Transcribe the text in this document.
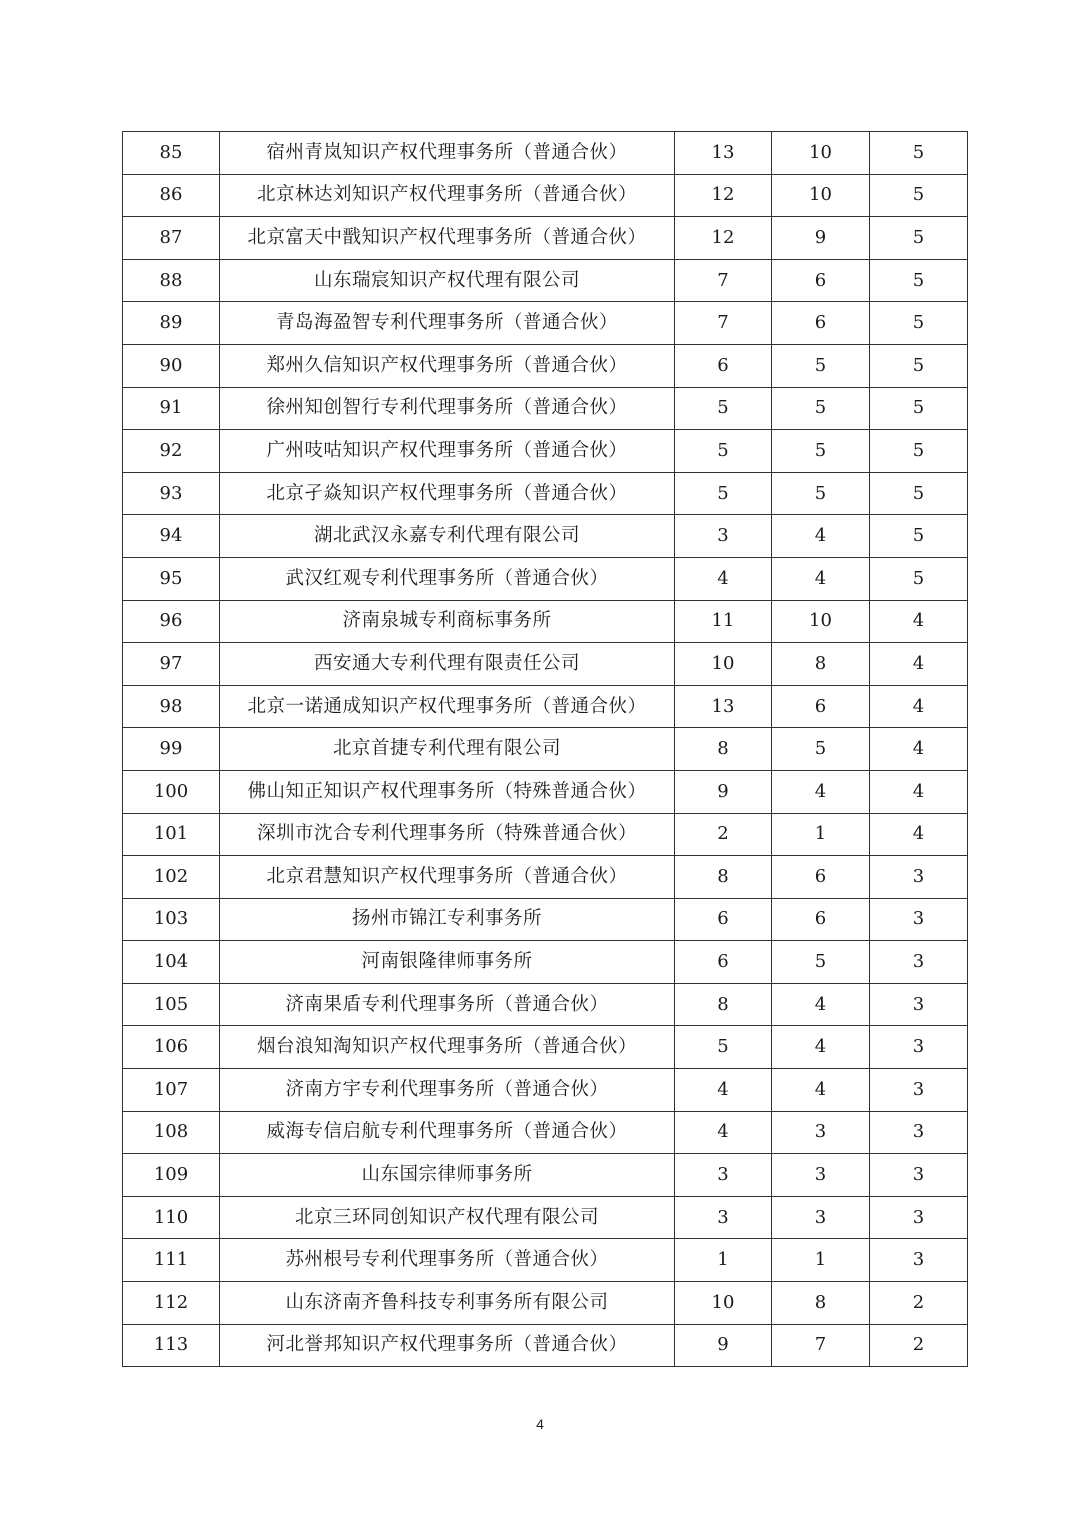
85	宿州青岚知识产权代理事务所（普通合伙）	13	10	5
86	北京林达刘知识产权代理事务所（普通合伙）	12	10	5
87	北京富天中戬知识产权代理事务所（普通合伙）	12	9	5
88	山东瑞宸知识产权代理有限公司	7	6	5
89	青岛海盈智专利代理事务所（普通合伙）	7	6	5
90	郑州久信知识产权代理事务所（普通合伙）	6	5	5
91	徐州知创智行专利代理事务所（普通合伙）	5	5	5
92	广州吱咕知识产权代理事务所（普通合伙）	5	5	5
93	北京孑焱知识产权代理事务所（普通合伙）	5	5	5
94	湖北武汉永嘉专利代理有限公司	3	4	5
95	武汉红观专利代理事务所（普通合伙）	4	4	5
96	济南泉城专利商标事务所	11	10	4
97	西安通大专利代理有限责任公司	10	8	4
98	北京一诺通成知识产权代理事务所（普通合伙）	13	6	4
99	北京首捷专利代理有限公司	8	5	4
100	佛山知正知识产权代理事务所（特殊普通合伙）	9	4	4
101	深圳市沈合专利代理事务所（特殊普通合伙）	2	1	4
102	北京君慧知识产权代理事务所（普通合伙）	8	6	3
103	扬州市锦江专利事务所	6	6	3
104	河南银隆律师事务所	6	5	3
105	济南果盾专利代理事务所（普通合伙）	8	4	3
106	烟台浪知淘知识产权代理事务所（普通合伙）	5	4	3
107	济南方宇专利代理事务所（普通合伙）	4	4	3
108	威海专信启航专利代理事务所（普通合伙）	4	3	3
109	山东国宗律师事务所	3	3	3
110	北京三环同创知识产权代理有限公司	3	3	3
111	苏州根号专利代理事务所（普通合伙）	1	1	3
112	山东济南齐鲁科技专利事务所有限公司	10	8	2
113	河北誉邦知识产权代理事务所（普通合伙）	9	7	2
4
